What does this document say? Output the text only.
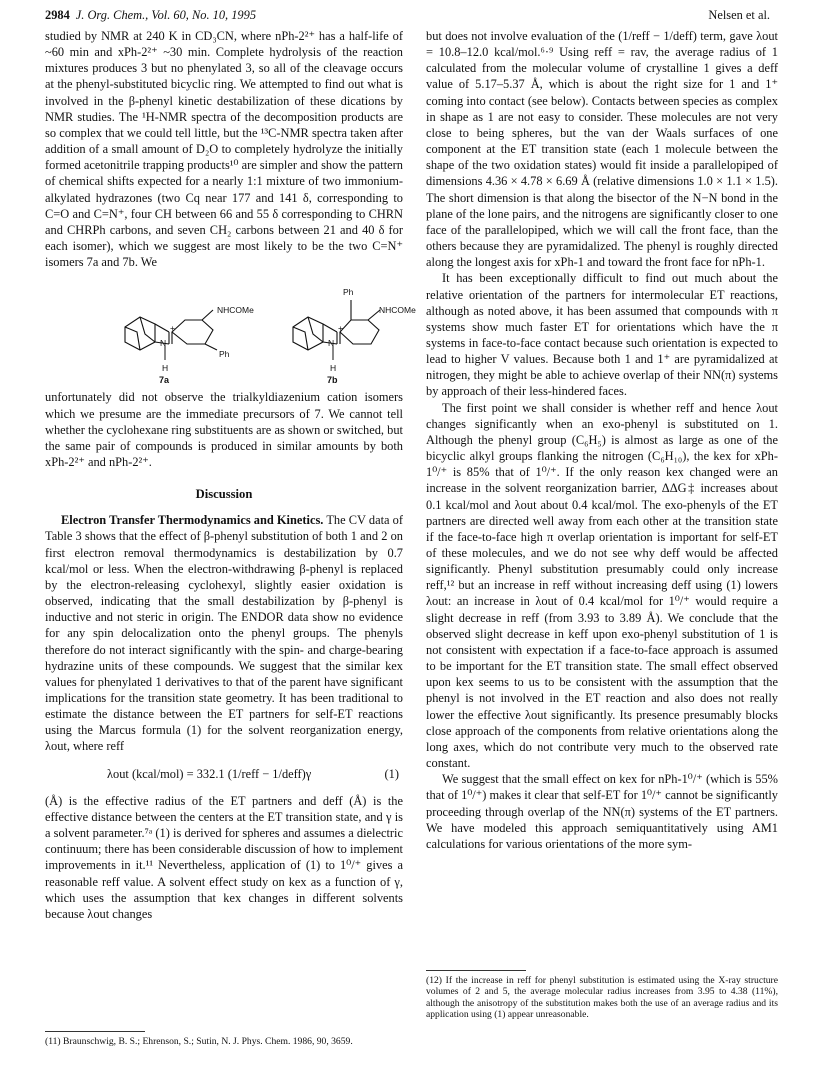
2984 J. Org. Chem., Vol. 60, No. 10, 1995	Nelsen et al.

studied by NMR at 240 K in CD₃CN, where nPh-2²⁺ has a half-life of ~60 min and xPh-2²⁺ ~30 min. Complete hydrolysis of the reaction mixtures produces 3 but no phenylated 3, so all of the cleavage occurs at the phenyl-substituted bicyclic ring. We attempted to find out what is involved in the β-phenyl kinetic destabilization of these dications by NMR studies. The ¹H-NMR spectra of the decomposition products are so complex that we could tell little, but the ¹³C-NMR spectra taken after addition of a small amount of D₂O to completely hydrolyze the initially formed acetonitrile trapping products¹⁰ are simpler and show the pattern of chemical shifts expected for a nearly 1:1 mixture of two immonium-alkylated hydrazones (two Cq near 177 and 141 δ, corresponding to C=O and C=N⁺, four CH between 66 and 55 δ corresponding to CHRN and CHRPh carbons, and seven CH₂ carbons between 21 and 40 δ for each isomer), which we suggest are most likely to be the two C=N⁺ isomers 7a and 7b. We

NHCOMe
Ph
Ph
NHCOMe
N	N
+	+
H	H
7a	7b

unfortunately did not observe the trialkyldiazenium cation isomers which we presume are the immediate precursors of 7. We cannot tell whether the cyclohexane ring substituents are as shown or switched, but the same pair of compounds is produced in similar amounts by both xPh-2²⁺ and nPh-2²⁺.

Discussion

Electron Transfer Thermodynamics and Kinetics. The CV data of Table 3 shows that the effect of β-phenyl substitution of both 1 and 2 on first electron removal thermodynamics is destabilization by 0.7 kcal/mol or less. When the electron-withdrawing β-phenyl is replaced by the electron-releasing cyclohexyl, slightly easier oxidation is observed, indicating that the small destabilization by β-phenyl is inductive and not steric in origin. The ENDOR data show no evidence for any spin delocalization onto the phenyl groups. The phenyls therefore do not interact significantly with the spin- and charge-bearing hydrazine units of these compounds. We suggest that the similar kex values for phenylated 1 derivatives to that of the parent have significant implications for the transition state geometry. It has been traditional to estimate the distance between the ET partners for self-ET reactions using the Marcus formula (1) for the solvent reorganization energy, λout, where reff

λout (kcal/mol) = 332.1 (1/reff − 1/deff)γ	(1)

(Å) is the effective radius of the ET partners and deff (Å) is the effective distance between the centers at the ET transition state, and γ is a solvent parameter.⁷ᵃ (1) is derived for spheres and assumes a dielectric continuum; there has been considerable discussion of how to implement improvements in it.¹¹ Nevertheless, application of (1) to 1⁰/⁺ gives a reasonable reff value. A solvent effect study on kex as a function of γ, which uses the assumption that kex changes in different solvents because λout changes

(11) Braunschwig, B. S.; Ehrenson, S.; Sutin, N. J. Phys. Chem. 1986, 90, 3659.

but does not involve evaluation of the (1/reff − 1/deff) term, gave λout = 10.8–12.0 kcal/mol.⁶·⁹ Using reff = rav, the average radius of 1 calculated from the molecular volume of crystalline 1 gives a deff value of 5.17–5.37 Å, which is about the right size for 1 and 1⁺ coming into contact (see below). Contacts between species as complex in shape as 1 are not easy to consider. These molecules are not very close to being spheres, but the van der Waals surfaces of one component at the ET transition state (each 1 molecule between the shape of the two oxidation states) would fit inside a parallelopiped of dimensions 4.36 × 4.78 × 6.69 Å (relative dimensions 1.0 × 1.1 × 1.5). The short dimension is that along the bisector of the N−N bond in the plane of the lone pairs, and the nitrogens are significantly closer to one face of the parallelopiped, which we will call the front face, than the others because they are pyramidalized. The phenyl is roughly directed along the longest axis for xPh-1 and toward the front face for nPh-1.

It has been exceptionally difficult to find out much about the relative orientation of the partners for intermolecular ET reactions, although as noted above, it has been assumed that compounds with π systems show much faster ET for orientations which have the π systems in face-to-face contact because such orientation is expected to lead to higher V values. Because both 1 and 1⁺ are pyramidalized at nitrogen, they might be able to achieve overlap of their NN(π) systems by approach of their less-hindered faces.

The first point we shall consider is whether reff and hence λout changes significantly when an exo-phenyl is substituted on 1. Although the phenyl group (C₆H₅) is almost as large as one of the bicyclic alkyl groups flanking the nitrogen (C₆H₁₀), the kex for xPh-1⁰/⁺ is 85% that of 1⁰/⁺. If the only reason kex changed were an increase in the solvent reorganization barrier, ΔΔG‡ increases about 0.1 kcal/mol and λout about 0.4 kcal/mol. The exo-phenyls of the ET partners are directed well away from each other at the transition state if the face-to-face high π overlap orientation is important for self-ET of these molecules, and we do not see why deff would be affected significantly. Phenyl substitution presumably could only increase reff,¹² but an increase in reff without increasing deff using (1) lowers λout: an increase in λout of 0.4 kcal/mol for 1⁰/⁺ would require a slight decrease in reff (from 3.93 to 3.89 Å). We conclude that the observed slight decrease in keff upon exo-phenyl substitution of 1 is not consistent with expectation if a face-to-face approach is assumed to be important for the ET transition state. The small effect observed upon kex seems to us to be consistent with the assumption that the phenyl is not involved in the ET reaction and also does not really lower the effective λout significantly. Its presence presumably blocks close approach of the components from relative orientations along the long axes, which do not contribute very much to the observed rate constant.

We suggest that the small effect on kex for nPh-1⁰/⁺ (which is 55% that of 1⁰/⁺) makes it clear that self-ET for 1⁰/⁺ cannot be significantly proceeding through overlap of the NN(π) systems of the ET partners. We have modeled this approach semiquantitatively using AM1 calculations for various orientations of the more sym-

(12) If the increase in reff for phenyl substitution is estimated using the X-ray structure volumes of 2 and 5, the average molecular radius increases from 3.95 to 4.38 (11%), although the anisotropy of the substitution makes both the use of an average radius and its application using (1) appear unreasonable.
